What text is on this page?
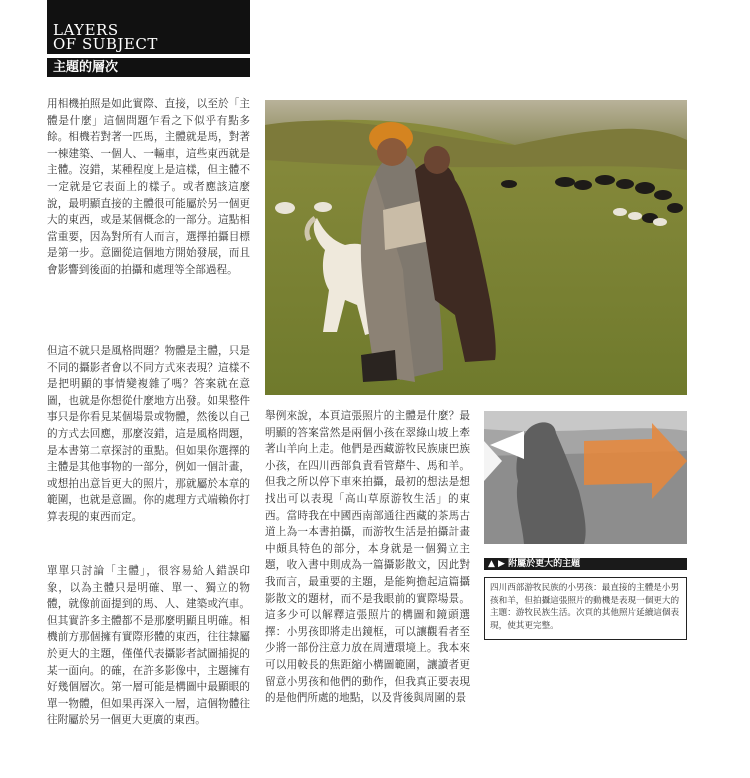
LAYERS
OF SUBJECT
主題的層次

用相機拍照是如此實際、直接，以至於「主體是什麼」這個問題乍看之下似乎有點多餘。相機若對著一匹馬，主體就是馬，對著一棟建築、一個人、一輛車，這些東西就是主體。沒錯，某種程度上是這樣，但主體不一定就是它表面上的樣子。或者應該這麼說，最明顯直接的主體很可能屬於另一個更大的東西，或是某個概念的一部分。這點相當重要，因為對所有人而言，選擇拍攝目標是第一步。意圖從這個地方開始發展，而且會影響到後面的拍攝和處理等全部過程。

但這不就只是風格問題？物體是主體，只是不同的攝影者會以不同方式來表現？這樣不是把明顯的事情變複雜了嗎？答案就在意圖，也就是你想從什麼地方出發。如果整件事只是你看見某個場景或物體，然後以自己的方式去回應，那麼沒錯，這是風格問題，是本書第二章探討的重點。但如果你選擇的主體是其他事物的一部分，例如一個計畫，或想拍出意旨更大的照片，那就屬於本章的範圍，也就是意圖。你的處理方式端賴你打算表現的東西而定。

單單只討論「主體」，很容易給人錯誤印象，以為主體只是明確、單一、獨立的物體，就像前面提到的馬、人、建築或汽車。但其實許多主體都不是那麼明顯且明確。相機前方那個擁有實際形體的東西，往往隸屬於更大的主題，僅僅代表攝影者試圖捕捉的某一面向。的確，在許多影像中，主題擁有好幾個層次。第一層可能是構圖中最顯眼的單一物體，但如果再深入一層，這個物體往往附屬於另一個更大更廣的東西。

舉例來說，本頁這張照片的主體是什麼？最明顯的答案當然是兩個小孩在翠綠山坡上牽著山羊向上走。他們是西藏游牧民族康巴族小孩，在四川西部負責看管犛牛、馬和羊。但我之所以停下車來拍攝，最初的想法是想找出可以表現「高山草原游牧生活」的東西。當時我在中國西南部通往西藏的茶馬古道上為一本書拍攝，而游牧生活是拍攝計畫中頗具特色的部分，本身就是一個獨立主題，收入書中則成為一篇攝影散文，因此對我而言，最重要的主題，是能夠擔起這篇攝影散文的題材，而不是我眼前的實際場景。這多少可以解釋這張照片的構圖和鏡頭選擇：小男孩即將走出鏡框，可以讓觀看者至少將一部份注意力放在周遭環境上。我本來可以用較長的焦距縮小構圖範圍，讓讀者更留意小男孩和他們的動作，但我真正要表現的是他們所處的地點，以及背後與周圍的景

▲ ▶ 附屬於更大的主題
四川西部游牧民族的小男孩：最直接的主體是小男孩和羊，但拍攝這張照片的動機是表現一個更大的主題：游牧民族生活。次頁的其他照片延續這個表現，使其更完整。
